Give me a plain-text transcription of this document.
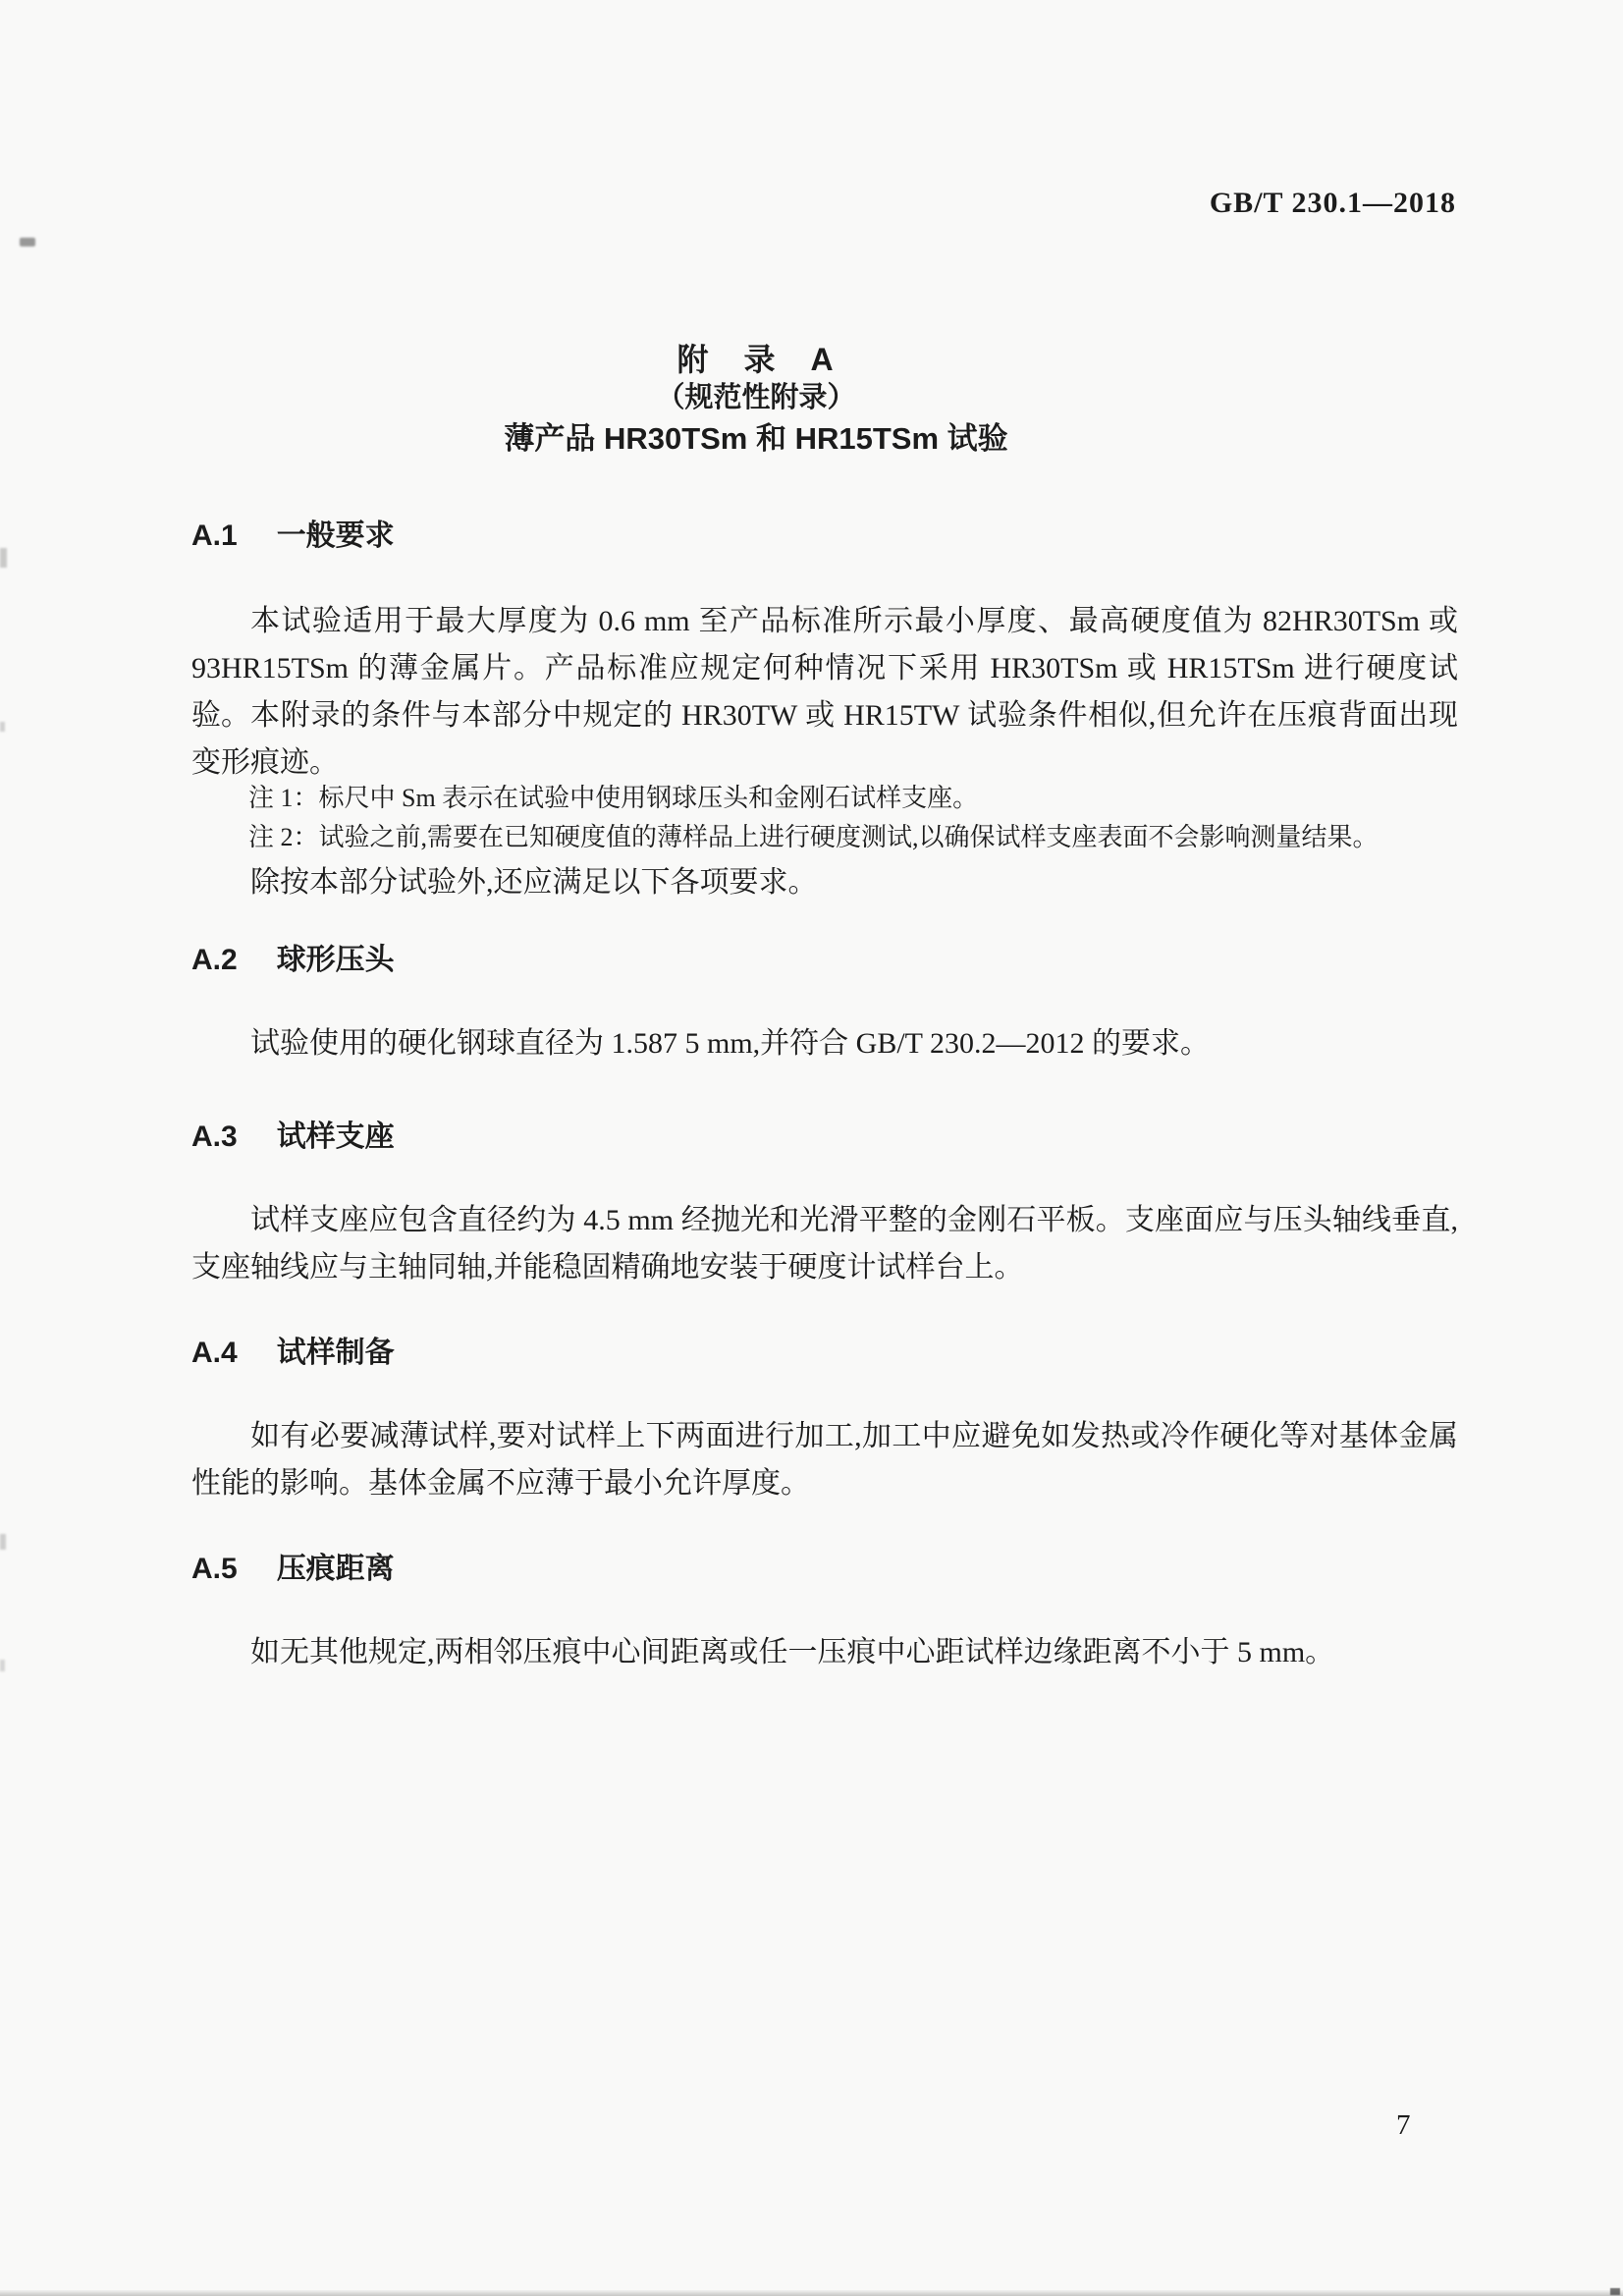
GB/T 230.1—2018
附　录　A
（规范性附录）
薄产品 HR30TSm 和 HR15TSm 试验
A.1 一般要求
本试验适用于最大厚度为 0.6 mm 至产品标准所示最小厚度、最高硬度值为 82HR30TSm 或 93HR15TSm 的薄金属片。产品标准应规定何种情况下采用 HR30TSm 或 HR15TSm 进行硬度试验。 本附录的条件与本部分中规定的 HR30TW 或 HR15TW 试验条件相似,但允许在压痕背面出现变形痕迹。
注 1：标尺中 Sm 表示在试验中使用钢球压头和金刚石试样支座。
注 2：试验之前,需要在已知硬度值的薄样品上进行硬度测试,以确保试样支座表面不会影响测量结果。
除按本部分试验外,还应满足以下各项要求。
A.2 球形压头
试验使用的硬化钢球直径为 1.587 5 mm,并符合 GB/T 230.2—2012 的要求。
A.3 试样支座
试样支座应包含直径约为 4.5 mm 经抛光和光滑平整的金刚石平板。支座面应与压头轴线垂直,支座轴线应与主轴同轴,并能稳固精确地安装于硬度计试样台上。
A.4 试样制备
如有必要减薄试样,要对试样上下两面进行加工,加工中应避免如发热或冷作硬化等对基体金属性能的影响。基体金属不应薄于最小允许厚度。
A.5 压痕距离
如无其他规定,两相邻压痕中心间距离或任一压痕中心距试样边缘距离不小于 5 mm。
7
